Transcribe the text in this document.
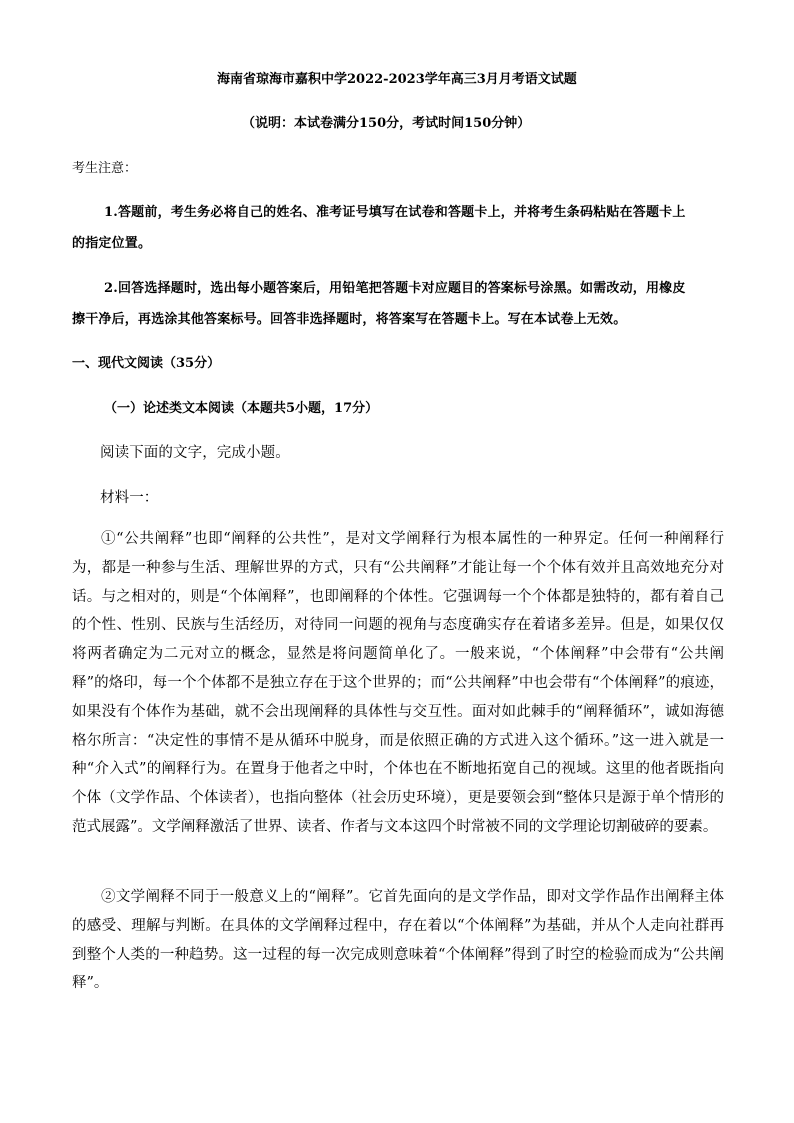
海南省琼海市嘉积中学2022-2023学年高三3月月考语文试题
（说明：本试卷满分150分，考试时间150分钟）
考生注意：
1.答题前，考生务必将自己的姓名、准考证号填写在试卷和答题卡上，并将考生条码粘贴在答题卡上
的指定位置。
2.回答选择题时，选出每小题答案后，用铅笔把答题卡对应题目的答案标号涂黑。如需改动，用橡皮
擦干净后，再选涂其他答案标号。回答非选择题时，将答案写在答题卡上。写在本试卷上无效。
一、现代文阅读（35分）
（一）论述类文本阅读（本题共5小题，17分）
阅读下面的文字，完成小题。
材料一：

①“公共阐释”也即“阐释的公共性”，是对文学阐释行为根本属性的一种界定。任何一种阐释行为，都是一种参与生活、理解世界的方式，只有“公共阐释”才能让每一个个体有效并且高效地充分对话。与之相对的，则是“个体阐释”，也即阐释的个体性。它强调每一个个体都是独特的，都有着自己的个性、性别、民族与生活经历，对待同一问题的视角与态度确实存在着诸多差异。但是，如果仅仅将两者确定为二元对立的概念，显然是将问题简单化了。一般来说，“个体阐释”中会带有“公共阐释”的烙印，每一个个体都不是独立存在于这个世界的；而“公共阐释”中也会带有“个体阐释”的痕迹，如果没有个体作为基础，就不会出现阐释的具体性与交互性。面对如此棘手的“阐释循环”，诚如海德格尔所言：“决定性的事情不是从循环中脱身，而是依照正确的方式进入这个循环。”这一进入就是一种“介入式”的阐释行为。在置身于他者之中时，个体也在不断地拓宽自己的视域。这里的他者既指向个体（文学作品、个体读者），也指向整体（社会历史环境），更是要领会到“整体只是源于单个情形的范式展露”。文学阐释激活了世界、读者、作者与文本这四个时常被不同的文学理论切割破碎的要素。

②文学阐释不同于一般意义上的“阐释”。它首先面向的是文学作品，即对文学作品作出阐释主体的感受、理解与判断。在具体的文学阐释过程中，存在着以“个体阐释”为基础，并从个人走向社群再到整个人类的一种趋势。这一过程的每一次完成则意味着“个体阐释”得到了时空的检验而成为“公共阐释”。
